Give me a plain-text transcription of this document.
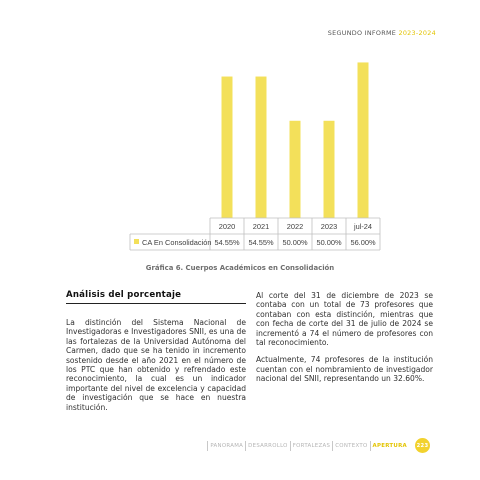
SEGUNDO INFORME 2023-2024
2020
54.55%
2021
54.55%
2022
50.00%
2023
50.00%
jul-24
56.00%
CA En Consolidación
Gráfica 6. Cuerpos Académicos en Consolidación
Análisis del porcentaje

La distinción del Sistema Nacional de Investigadoras e Investigadores SNII, es una de las fortalezas de la Universidad Autónoma del Carmen, dado que se ha tenido in incremento sostenido desde el año 2021 en el número de los PTC que han obtenido y refrendado este reconocimiento, la cual es un indicador importante del nivel de excelencia y capacidad de investigación que se hace en nuestra institución.

Al corte del 31 de diciembre de 2023 se contaba con un total de 73 profesores que contaban con esta distinción, mientras que con fecha de corte del 31 de julio de 2024 se incrementó a 74 el número de profesores con tal reconocimiento.

Actualmente, 74 profesores de la institución cuentan con el nombramiento de investigador nacional del SNII, representando un 32.60%.

PANORAMA DESARROLLO FORTALEZAS CONTEXTO APERTURA	223
